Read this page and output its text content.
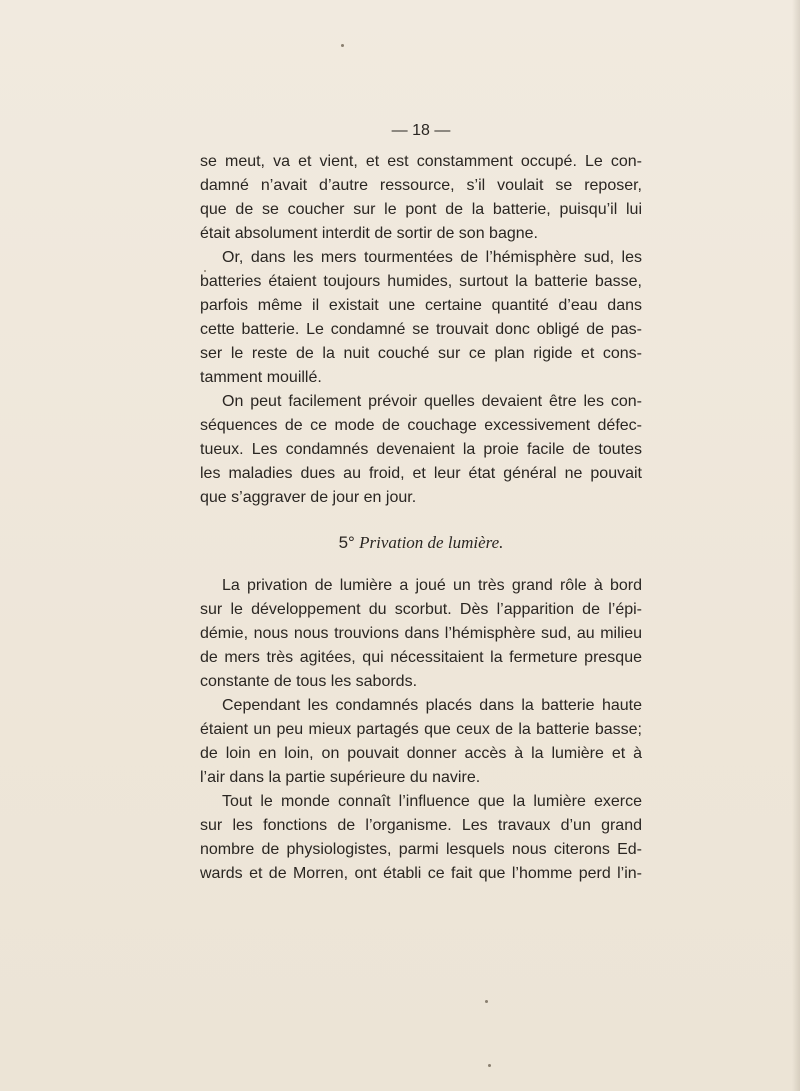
— 18 —
se meut, va et vient, et est constamment occupé. Le con-
damné n’avait d’autre ressource, s’il voulait se reposer,
que de se coucher sur le pont de la batterie, puisqu’il lui
était absolument interdit de sortir de son bagne.
Or, dans les mers tourmentées de l’hémisphère sud, les
batteries étaient toujours humides, surtout la batterie basse,
parfois même il existait une certaine quantité d’eau dans
cette batterie. Le condamné se trouvait donc obligé de pas-
ser le reste de la nuit couché sur ce plan rigide et cons-
tamment mouillé.
On peut facilement prévoir quelles devaient être les con-
séquences de ce mode de couchage excessivement défec-
tueux. Les condamnés devenaient la proie facile de toutes
les maladies dues au froid, et leur état général ne pouvait
que s’aggraver de jour en jour.
5° Privation de lumière.
La privation de lumière a joué un très grand rôle à bord
sur le développement du scorbut. Dès l’apparition de l’épi-
démie, nous nous trouvions dans l’hémisphère sud, au milieu
de mers très agitées, qui nécessitaient la fermeture presque
constante de tous les sabords.
Cependant les condamnés placés dans la batterie haute
étaient un peu mieux partagés que ceux de la batterie basse;
de loin en loin, on pouvait donner accès à la lumière et à
l’air dans la partie supérieure du navire.
Tout le monde connaît l’influence que la lumière exerce
sur les fonctions de l’organisme. Les travaux d’un grand
nombre de physiologistes, parmi lesquels nous citerons Ed-
wards et de Morren, ont établi ce fait que l’homme perd l’in-
